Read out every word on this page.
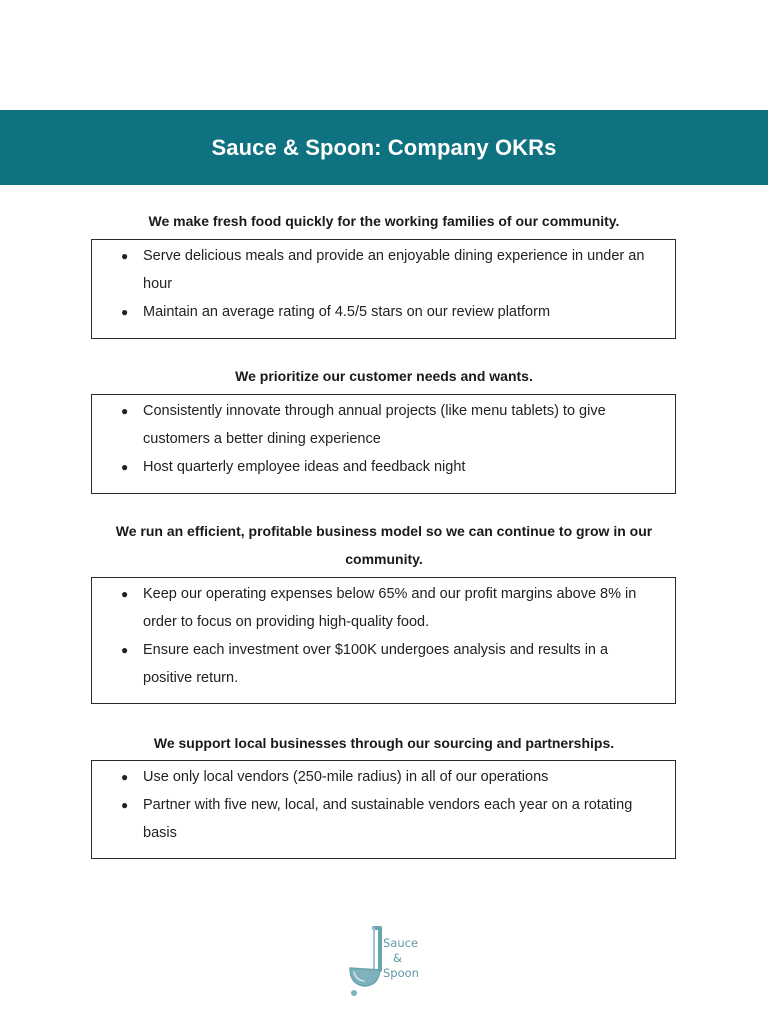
Sauce & Spoon: Company OKRs
We make fresh food quickly for the working families of our community.
● Serve delicious meals and provide an enjoyable dining experience in under an hour
● Maintain an average rating of 4.5/5 stars on our review platform
We prioritize our customer needs and wants.
● Consistently innovate through annual projects (like menu tablets) to give customers a better dining experience
● Host quarterly employee ideas and feedback night
We run an efficient, profitable business model so we can continue to grow in our community.
● Keep our operating expenses below 65% and our profit margins above 8% in order to focus on providing high-quality food.
● Ensure each investment over $100K undergoes analysis and results in a positive return.
We support local businesses through our sourcing and partnerships.
● Use only local vendors (250-mile radius) in all of our operations
● Partner with five new, local, and sustainable vendors each year on a rotating basis
Sauce
&
Spoon
